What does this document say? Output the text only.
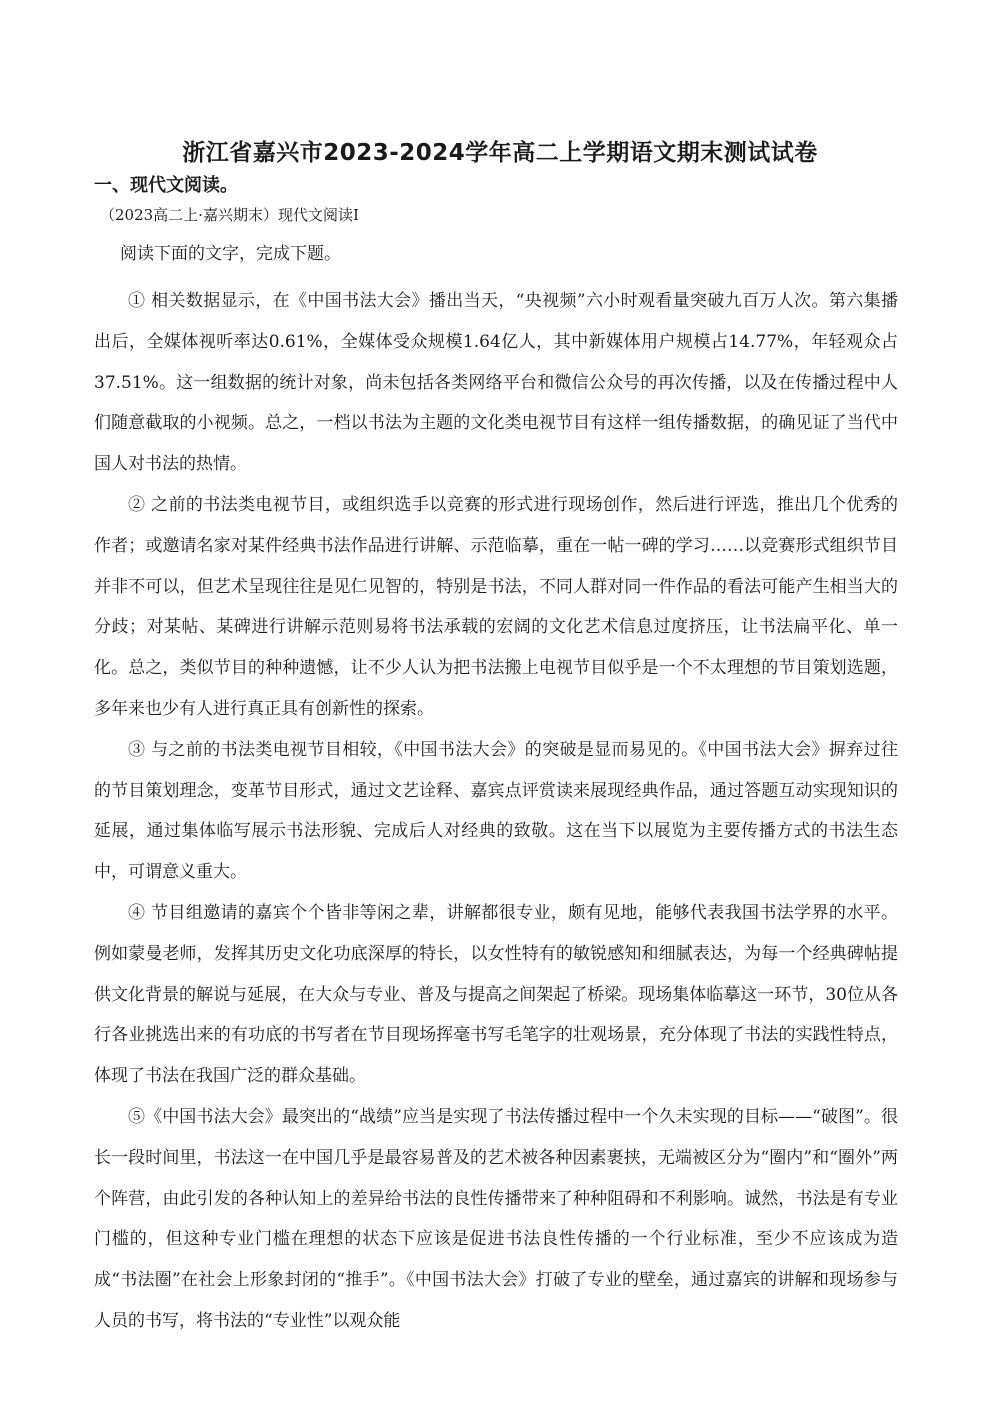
浙江省嘉兴市2023-2024学年高二上学期语文期末测试试卷
一、现代文阅读。
（2023高二上·嘉兴期末）现代文阅读Ⅰ
阅读下面的文字，完成下题。

① 相关数据显示，在《中国书法大会》播出当天，“央视频”六小时观看量突破九百万人次。第六集播出后，全媒体视听率达0.61%，全媒体受众规模1.64亿人，其中新媒体用户规模占14.77%，年轻观众占37.51%。这一组数据的统计对象，尚未包括各类网络平台和微信公众号的再次传播，以及在传播过程中人们随意截取的小视频。总之，一档以书法为主题的文化类电视节目有这样一组传播数据，的确见证了当代中国人对书法的热情。

② 之前的书法类电视节目，或组织选手以竞赛的形式进行现场创作，然后进行评选，推出几个优秀的作者；或邀请名家对某件经典书法作品进行讲解、示范临摹，重在一帖一碑的学习……以竞赛形式组织节目并非不可以，但艺术呈现往往是见仁见智的，特别是书法，不同人群对同一件作品的看法可能产生相当大的分歧；对某帖、某碑进行讲解示范则易将书法承载的宏阔的文化艺术信息过度挤压，让书法扁平化、单一化。总之，类似节目的种种遗憾，让不少人认为把书法搬上电视节目似乎是一个不太理想的节目策划选题，多年来也少有人进行真正具有创新性的探索。

③ 与之前的书法类电视节目相较，《中国书法大会》的突破是显而易见的。《中国书法大会》摒弃过往的节目策划理念，变革节目形式，通过文艺诠释、嘉宾点评赏读来展现经典作品，通过答题互动实现知识的延展，通过集体临写展示书法形貌、完成后人对经典的致敬。这在当下以展览为主要传播方式的书法生态中，可谓意义重大。

④ 节目组邀请的嘉宾个个皆非等闲之辈，讲解都很专业，颇有见地，能够代表我国书法学界的水平。例如蒙曼老师，发挥其历史文化功底深厚的特长，以女性特有的敏锐感知和细腻表达，为每一个经典碑帖提供文化背景的解说与延展，在大众与专业、普及与提高之间架起了桥梁。现场集体临摹这一环节，30位从各行各业挑选出来的有功底的书写者在节目现场挥毫书写毛笔字的壮观场景，充分体现了书法的实践性特点，体现了书法在我国广泛的群众基础。

⑤《中国书法大会》最突出的“战绩”应当是实现了书法传播过程中一个久未实现的目标——“破图”。很长一段时间里，书法这一在中国几乎是最容易普及的艺术被各种因素裹挟，无端被区分为“圈内”和“圈外”两个阵营，由此引发的各种认知上的差异给书法的良性传播带来了种种阻碍和不利影响。诚然，书法是有专业门槛的，但这种专业门槛在理想的状态下应该是促进书法良性传播的一个行业标准，至少不应该成为造成“书法圈”在社会上形象封闭的“推手”。《中国书法大会》打破了专业的壁垒，通过嘉宾的讲解和现场参与人员的书写，将书法的“专业性”以观众能
